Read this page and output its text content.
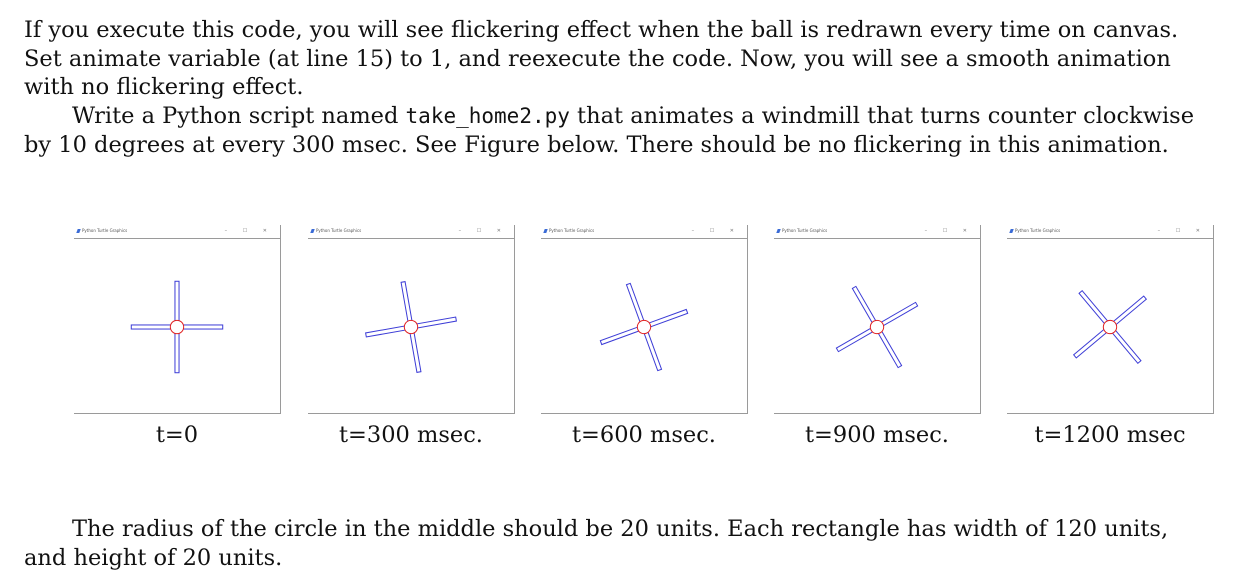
If you execute this code, you will see flickering effect when the ball is redrawn every time on canvas. Set animate variable (at line 15) to 1, and reexecute the code. Now, you will see a smooth animation with no flickering effect.

Write a Python script named take_home2.py that animates a windmill that turns counter clockwise by 10 degrees at every 300 msec. See Figure below. There should be no flickering in this animation.

Python Turtle Graphics	– ☐ ✕	Python Turtle Graphics	– ☐ ✕	Python Turtle Graphics	– ☐ ✕	Python Turtle Graphics	– ☐ ✕	Python Turtle Graphics	– ☐ ✕
t=0	t=300 msec.	t=600 msec.	t=900 msec.	t=1200 msec

The radius of the circle in the middle should be 20 units. Each rectangle has width of 120 units, and height of 20 units.
